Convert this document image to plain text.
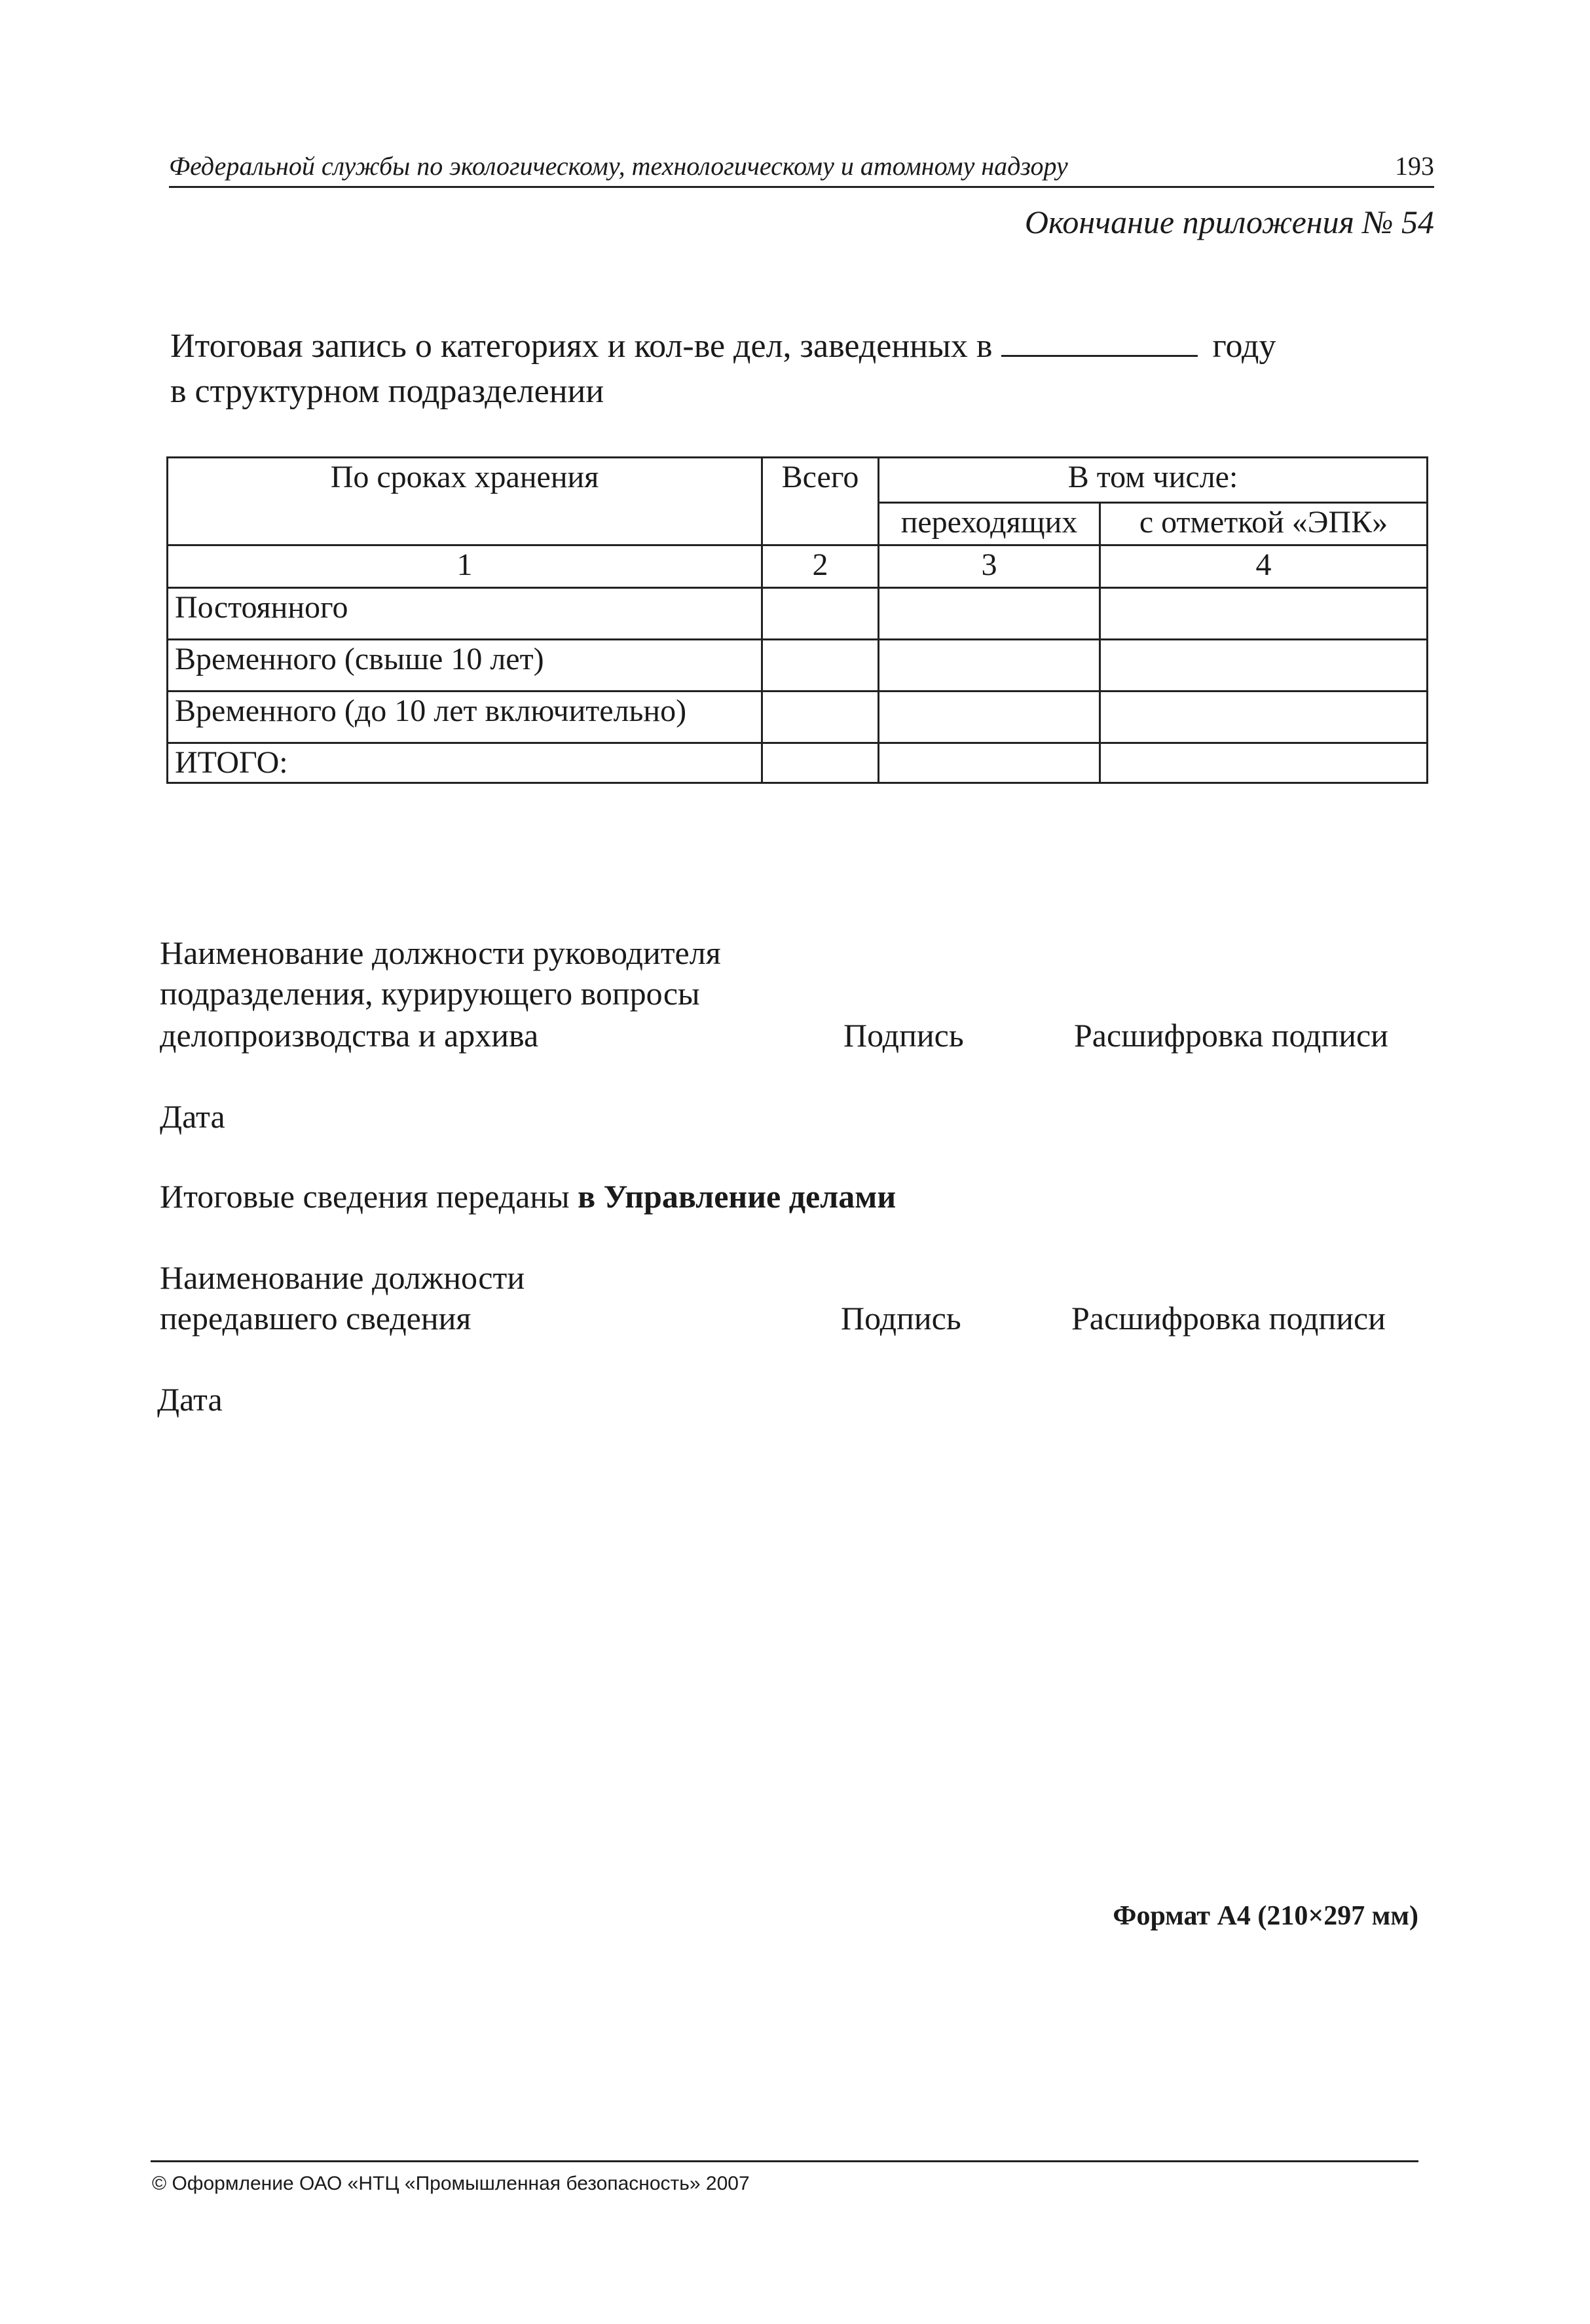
Федеральной службы по экологическому, технологическому и атомному надзору	193
Окончание приложения № 54
Итоговая запись о категориях и кол-ве дел, заведенных в	году
в структурном подразделении
По сроках хранения	Всего	В том числе:	
		переходящих	с отметкой «ЭПК»
1	2	3	4
Постоянного			
Временного (свыше 10 лет)			
Временного (до 10 лет включительно)			
ИТОГО:			
Наименование должности руководителя
подразделения, курирующего вопросы
делопроизводства и архива	Подпись	Расшифровка подписи
Дата
Итоговые сведения переданы в Управление делами
Наименование должности
передавшего сведения	Подпись	Расшифровка подписи
Дата
Формат А4 (210×297 мм)
© Оформление ОАО «НТЦ «Промышленная безопасность» 2007
